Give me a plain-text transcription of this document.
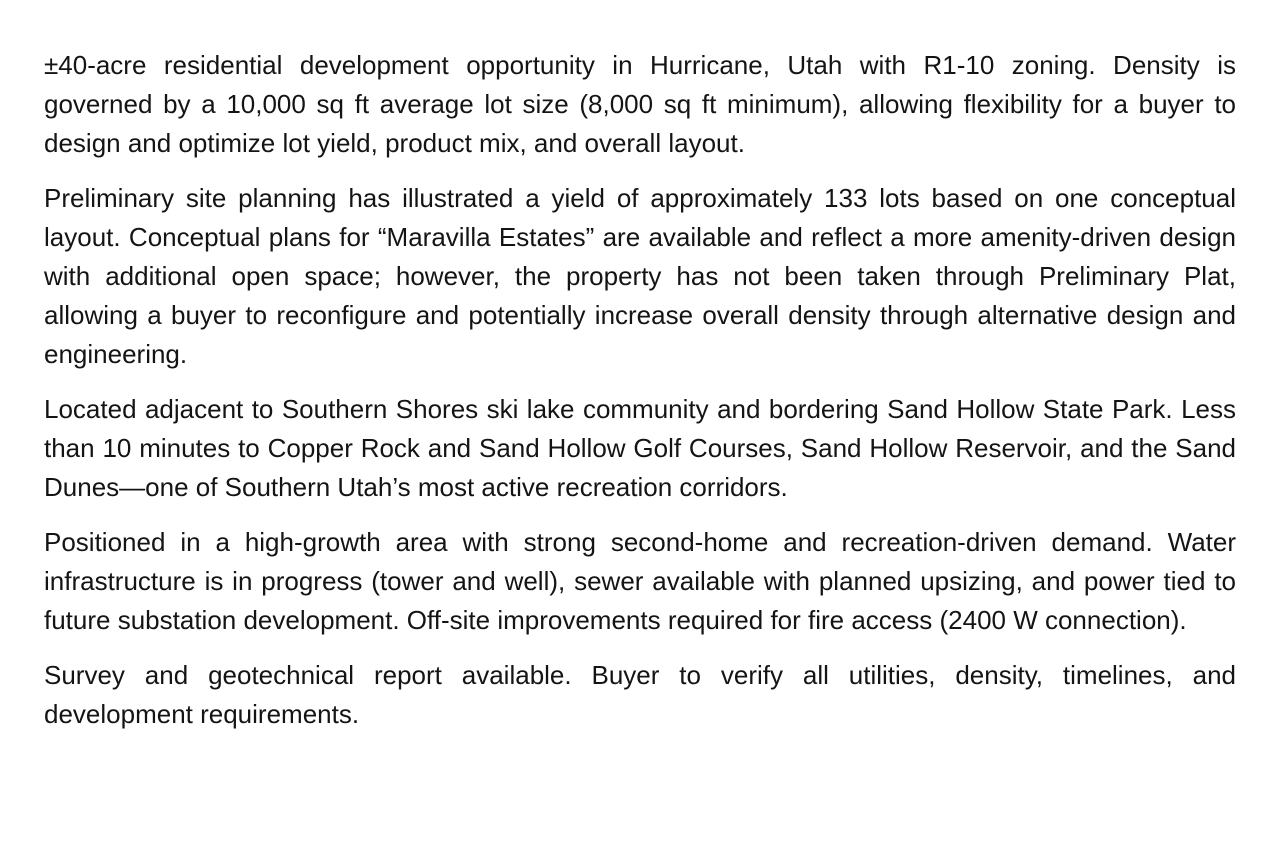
±40-acre residential development opportunity in Hurricane, Utah with R1-10 zoning. Density is governed by a 10,000 sq ft average lot size (8,000 sq ft minimum), allowing flexibility for a buyer to design and optimize lot yield, product mix, and overall layout.

Preliminary site planning has illustrated a yield of approximately 133 lots based on one conceptual layout. Conceptual plans for “Maravilla Estates” are available and reflect a more amenity-driven design with additional open space; however, the property has not been taken through Preliminary Plat, allowing a buyer to reconfigure and potentially increase overall density through alternative design and engineering.

Located adjacent to Southern Shores ski lake community and bordering Sand Hollow State Park. Less than 10 minutes to Copper Rock and Sand Hollow Golf Courses, Sand Hollow Reservoir, and the Sand Dunes—one of Southern Utah’s most active recreation corridors.

Positioned in a high-growth area with strong second-home and recreation-driven demand. Water infrastructure is in progress (tower and well), sewer available with planned upsizing, and power tied to future substation development. Off-site improvements required for fire access (2400 W connection).

Survey and geotechnical report available. Buyer to verify all utilities, density, timelines, and development requirements.
